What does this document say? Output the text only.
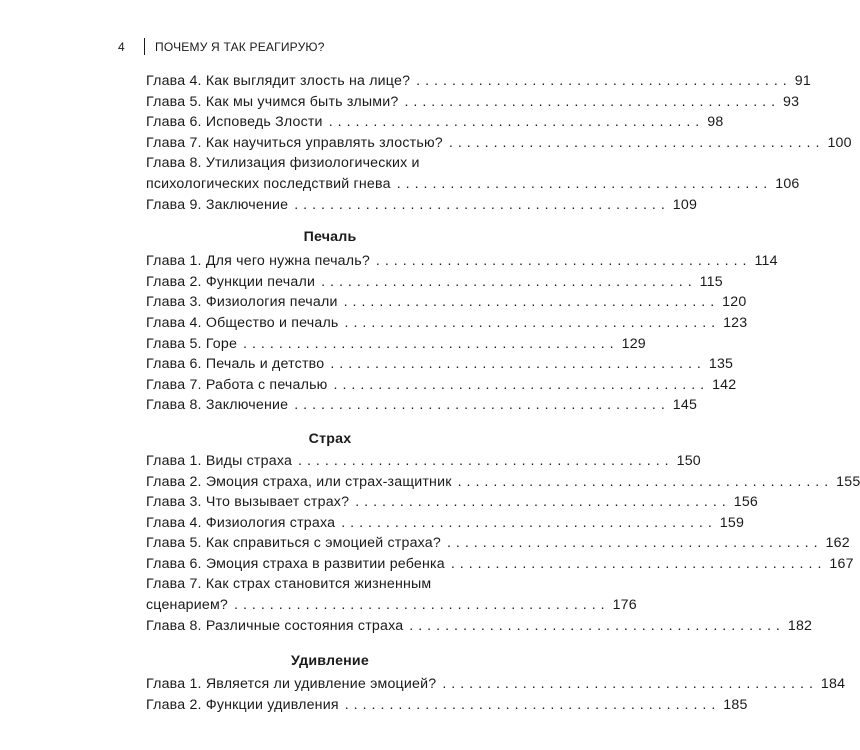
4	ПОЧЕМУ Я ТАК РЕАГИРУЮ?
Глава 4. Как выглядит злость на лице? .......................................... 91
Глава 5. Как мы учимся быть злыми? .......................................... 93
Глава 6. Исповедь Злости .......................................... 98
Глава 7. Как научиться управлять злостью? .......................................... 100
Глава 8. Утилизация физиологических и
психологических последствий гнева .......................................... 106
Глава 9. Заключение .......................................... 109
Печаль
Глава 1. Для чего нужна печаль? .......................................... 114
Глава 2. Функции печали .......................................... 115
Глава 3. Физиология печали .......................................... 120
Глава 4. Общество и печаль .......................................... 123
Глава 5. Горе .......................................... 129
Глава 6. Печаль и детство .......................................... 135
Глава 7. Работа с печалью .......................................... 142
Глава 8. Заключение .......................................... 145
Страх
Глава 1. Виды страха .......................................... 150
Глава 2. Эмоция страха, или страх-защитник .......................................... 155
Глава 3. Что вызывает страх? .......................................... 156
Глава 4. Физиология страха .......................................... 159
Глава 5. Как справиться с эмоцией страха? .......................................... 162
Глава 6. Эмоция страха в развитии ребенка .......................................... 167
Глава 7. Как страх становится жизненным
сценарием? .......................................... 176
Глава 8. Различные состояния страха .......................................... 182
Удивление
Глава 1. Является ли удивление эмоцией? .......................................... 184
Глава 2. Функции удивления .......................................... 185
